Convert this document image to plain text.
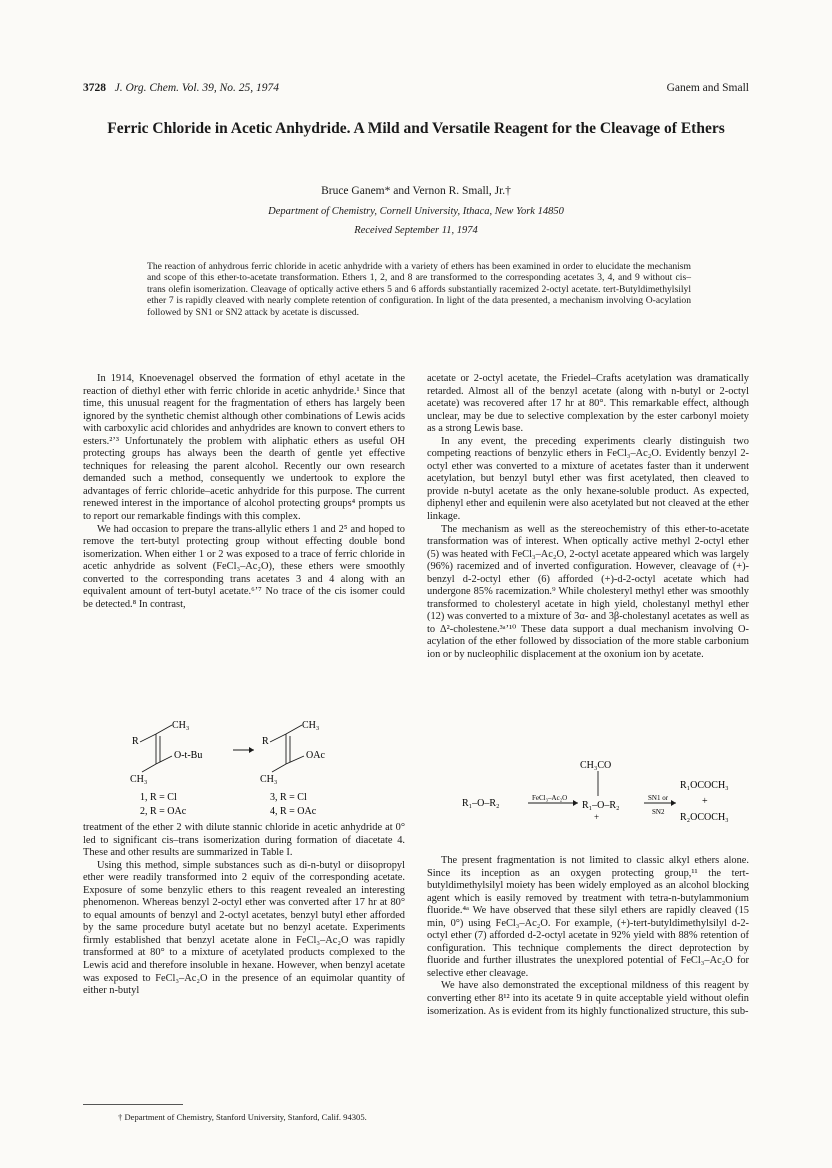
3728 J. Org. Chem. Vol. 39, No. 25, 1974	Ganem and Small
Ferric Chloride in Acetic Anhydride. A Mild and Versatile Reagent for the Cleavage of Ethers
Bruce Ganem* and Vernon R. Small, Jr.†
Department of Chemistry, Cornell University, Ithaca, New York 14850
Received September 11, 1974
The reaction of anhydrous ferric chloride in acetic anhydride with a variety of ethers has been examined in order to elucidate the mechanism and scope of this ether-to-acetate transformation. Ethers 1, 2, and 8 are transformed to the corresponding acetates 3, 4, and 9 without cis–trans olefin isomerization. Cleavage of optically active ethers 5 and 6 affords substantially racemized 2-octyl acetate. tert-Butyldimethylsilyl ether 7 is rapidly cleaved with nearly complete retention of configuration. In light of the data presented, a mechanism involving O-acylation followed by SN1 or SN2 attack by acetate is discussed.

In 1914, Knoevenagel observed the formation of ethyl acetate in the reaction of diethyl ether with ferric chloride in acetic anhydride.¹ Since that time, this unusual reagent for the fragmentation of ethers has largely been ignored by the synthetic chemist although other combinations of Lewis acids with carboxylic acid chlorides and anhydrides are known to convert ethers to esters.²ʼ³ Unfortunately the problem with aliphatic ethers as useful OH protecting groups has always been the dearth of gentle yet effective techniques for releasing the parent alcohol. Recently our own research demanded such a method, consequently we undertook to explore the advantages of ferric chloride–acetic anhydride for this purpose. The current renewed interest in the importance of alcohol protecting groups⁴ prompts us to report our remarkable findings with this complex.

We had occasion to prepare the trans-allylic ethers 1 and 2⁵ and hoped to remove the tert-butyl protecting group without effecting double bond isomerization. When either 1 or 2 was exposed to a trace of ferric chloride in acetic anhydride as solvent (FeCl₃–Ac₂O), these ethers were smoothly converted to the corresponding trans acetates 3 and 4 along with an equivalent amount of tert-butyl acetate.⁶ʼ⁷ No trace of the cis isomer could be detected.⁸ In contrast,

R
CH₃
CH₃
O-t-Bu
R
CH₃
CH₃
OAc
1, R = Cl
2, R = OAc
3, R = Cl
4, R = OAc

treatment of the ether 2 with dilute stannic chloride in acetic anhydride at 0° led to significant cis–trans isomerization during formation of diacetate 4. These and other results are summarized in Table I.

Using this method, simple substances such as di-n-butyl or diisopropyl ether were readily transformed into 2 equiv of the corresponding acetate. Exposure of some benzylic ethers to this reagent revealed an interesting phenomenon. Whereas benzyl 2-octyl ether was converted after 17 hr at 80° to equal amounts of benzyl and 2-octyl acetates, benzyl butyl ether afforded by the same procedure butyl acetate but no benzyl acetate. Experiments firmly established that benzyl acetate alone in FeCl₃–Ac₂O was rapidly transformed at 80° to a mixture of acetylated products complexed to the Lewis acid and therefore insoluble in hexane. However, when benzyl acetate was exposed to FeCl₃–Ac₂O in the presence of an equimolar quantity of either n-butyl

acetate or 2-octyl acetate, the Friedel–Crafts acetylation was dramatically retarded. Almost all of the benzyl acetate (along with n-butyl or 2-octyl acetate) was recovered after 17 hr at 80°. This remarkable effect, although unclear, may be due to selective complexation by the ester carbonyl moiety as a strong Lewis base.

In any event, the preceding experiments clearly distinguish two competing reactions of benzylic ethers in FeCl₃–Ac₂O. Evidently benzyl 2-octyl ether was converted to a mixture of acetates faster than it underwent acetylation, but benzyl butyl ether was first acetylated, then cleaved to provide n-butyl acetate as the only hexane-soluble product. As expected, diphenyl ether and equilenin were also acetylated but not cleaved at the ether linkage.

The mechanism as well as the stereochemistry of this ether-to-acetate transformation was of interest. When optically active methyl 2-octyl ether (5) was heated with FeCl₃–Ac₂O, 2-octyl acetate appeared which was largely (96%) racemized and of inverted configuration. However, cleavage of (+)-benzyl d-2-octyl ether (6) afforded (+)-d-2-octyl acetate which had undergone 85% racemization.⁹ While cholesteryl methyl ether was smoothly transformed to cholesteryl acetate in high yield, cholestanyl methyl ether (12) was converted to a mixture of 3α- and 3β-cholestanyl acetates as well as to Δ²-cholestene.³ᵃʼ¹⁰ These data support a dual mechanism involving O-acylation of the ether followed by dissociation of the more stable carbonium ion or by nucleophilic displacement at the oxonium ion by acetate.

R₁–O–R₂	FeCl₃–Ac₂O
CH₃CO
R₁–O–R₂
+
SN1 or
SN2
R₁OCOCH₃
+
R₂OCOCH₃

The present fragmentation is not limited to classic alkyl ethers alone. Since its inception as an oxygen protecting group,¹¹ the tert-butyldimethylsilyl moiety has been widely employed as an alcohol blocking agent which is easily removed by treatment with tetra-n-butylammonium fluoride.⁴ᵃ We have observed that these silyl ethers are rapidly cleaved (15 min, 0°) using FeCl₃–Ac₂O. For example, (+)-tert-butyldimethylsilyl d-2-octyl ether (7) afforded d-2-octyl acetate in 92% yield with 88% retention of configuration. This technique complements the direct deprotection by fluoride and further illustrates the unexplored potential of FeCl₃–Ac₂O for selective ether cleavage.

We have also demonstrated the exceptional mildness of this reagent by converting ether 8¹² into its acetate 9 in quite acceptable yield without olefin isomerization. As is evident from its highly functionalized structure, this sub-

† Department of Chemistry, Stanford University, Stanford, Calif. 94305.
